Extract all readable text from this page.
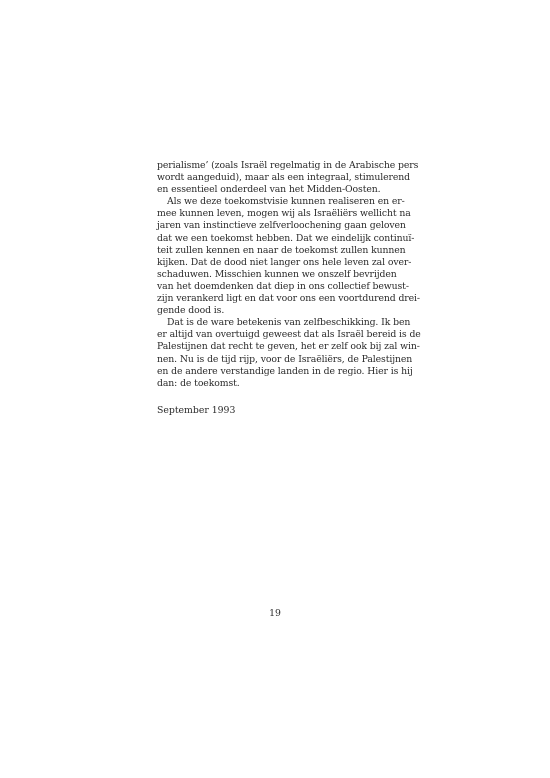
perialisme’ (zoals Israël regelmatig in de Arabische pers
wordt aangeduid), maar als een integraal, stimulerend
en essentieel onderdeel van het Midden-Oosten.
Als we deze toekomstvisie kunnen realiseren en er-
mee kunnen leven, mogen wij als Israëliërs wellicht na
jaren van instinctieve zelfverloochening gaan geloven
dat we een toekomst hebben. Dat we eindelijk continuï-
teit zullen kennen en naar de toekomst zullen kunnen
kijken. Dat de dood niet langer ons hele leven zal over-
schaduwen. Misschien kunnen we onszelf bevrijden
van het doemdenken dat diep in ons collectief bewust-
zijn verankerd ligt en dat voor ons een voortdurend drei-
gende dood is.
Dat is de ware betekenis van zelfbeschikking. Ik ben
er altijd van overtuigd geweest dat als Israël bereid is de
Palestijnen dat recht te geven, het er zelf ook bij zal win-
nen. Nu is de tijd rijp, voor de Israëliërs, de Palestijnen
en de andere verstandige landen in de regio. Hier is hij
dan: de toekomst.
September 1993
19
